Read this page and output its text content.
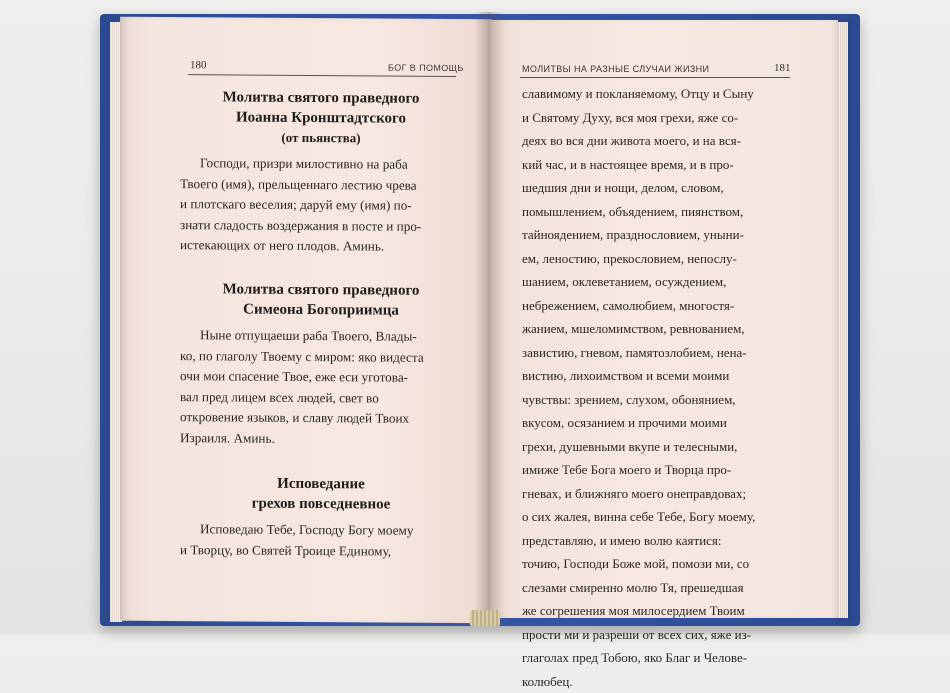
180	БОГ В ПОМОЩЬ
Молитва святого праведного
Иоанна Кронштадтского
(от пьянства)
Господи, призри милостивно на раба
Твоего (имя), прельщеннаго лестию чрева
и плотскаго веселия; даруй ему (имя) по-
знати сладость воздержания в посте и про-
истекающих от него плодов. Аминь.
Молитва святого праведного
Симеона Богоприимца
Ныне отпущаеши раба Твоего, Влады-
ко, по глаголу Твоему с миром: яко видеста
очи мои спасение Твое, еже еси уготова-
вал пред лицем всех людей, свет во
откровение языков, и славу людей Твоих
Израиля. Аминь.
Исповедание
грехов повседневное
Исповедаю Тебе, Господу Богу моему
и Творцу, во Святей Троице Единому,
МОЛИТВЫ НА РАЗНЫЕ СЛУЧАИ ЖИЗНИ	181
славимому и покланяемому, Отцу и Сыну
и Святому Духу, вся моя грехи, яже со-
деях во вся дни живота моего, и на вся-
кий час, и в настоящее время, и в про-
шедшия дни и нощи, делом, словом,
помышлением, объядением, пиянством,
тайноядением, празднословием, уныни-
ем, леностию, прекословием, непослу-
шанием, оклеветанием, осуждением,
небрежением, самолюбием, многостя-
жанием, мшеломимством, ревнованием,
завистию, гневом, памятозлобием, нена-
вистию, лихоимством и всеми моими
чувствы: зрением, слухом, обонянием,
вкусом, осязанием и прочими моими
грехи, душевными вкупе и телесными,
имиже Тебе Бога моего и Творца про-
гневах, и ближняго моего онеправдовах;
о сих жалея, винна себе Тебе, Богу моему,
представляю, и имею волю каятися:
точию, Господи Боже мой, помози ми, со
слезами смиренно молю Тя, прешедшая
же согрешения моя милосердием Твоим
прости ми и разреши от всех сих, яже из-
глаголах пред Тобою, яко Благ и Челове-
колюбец.
